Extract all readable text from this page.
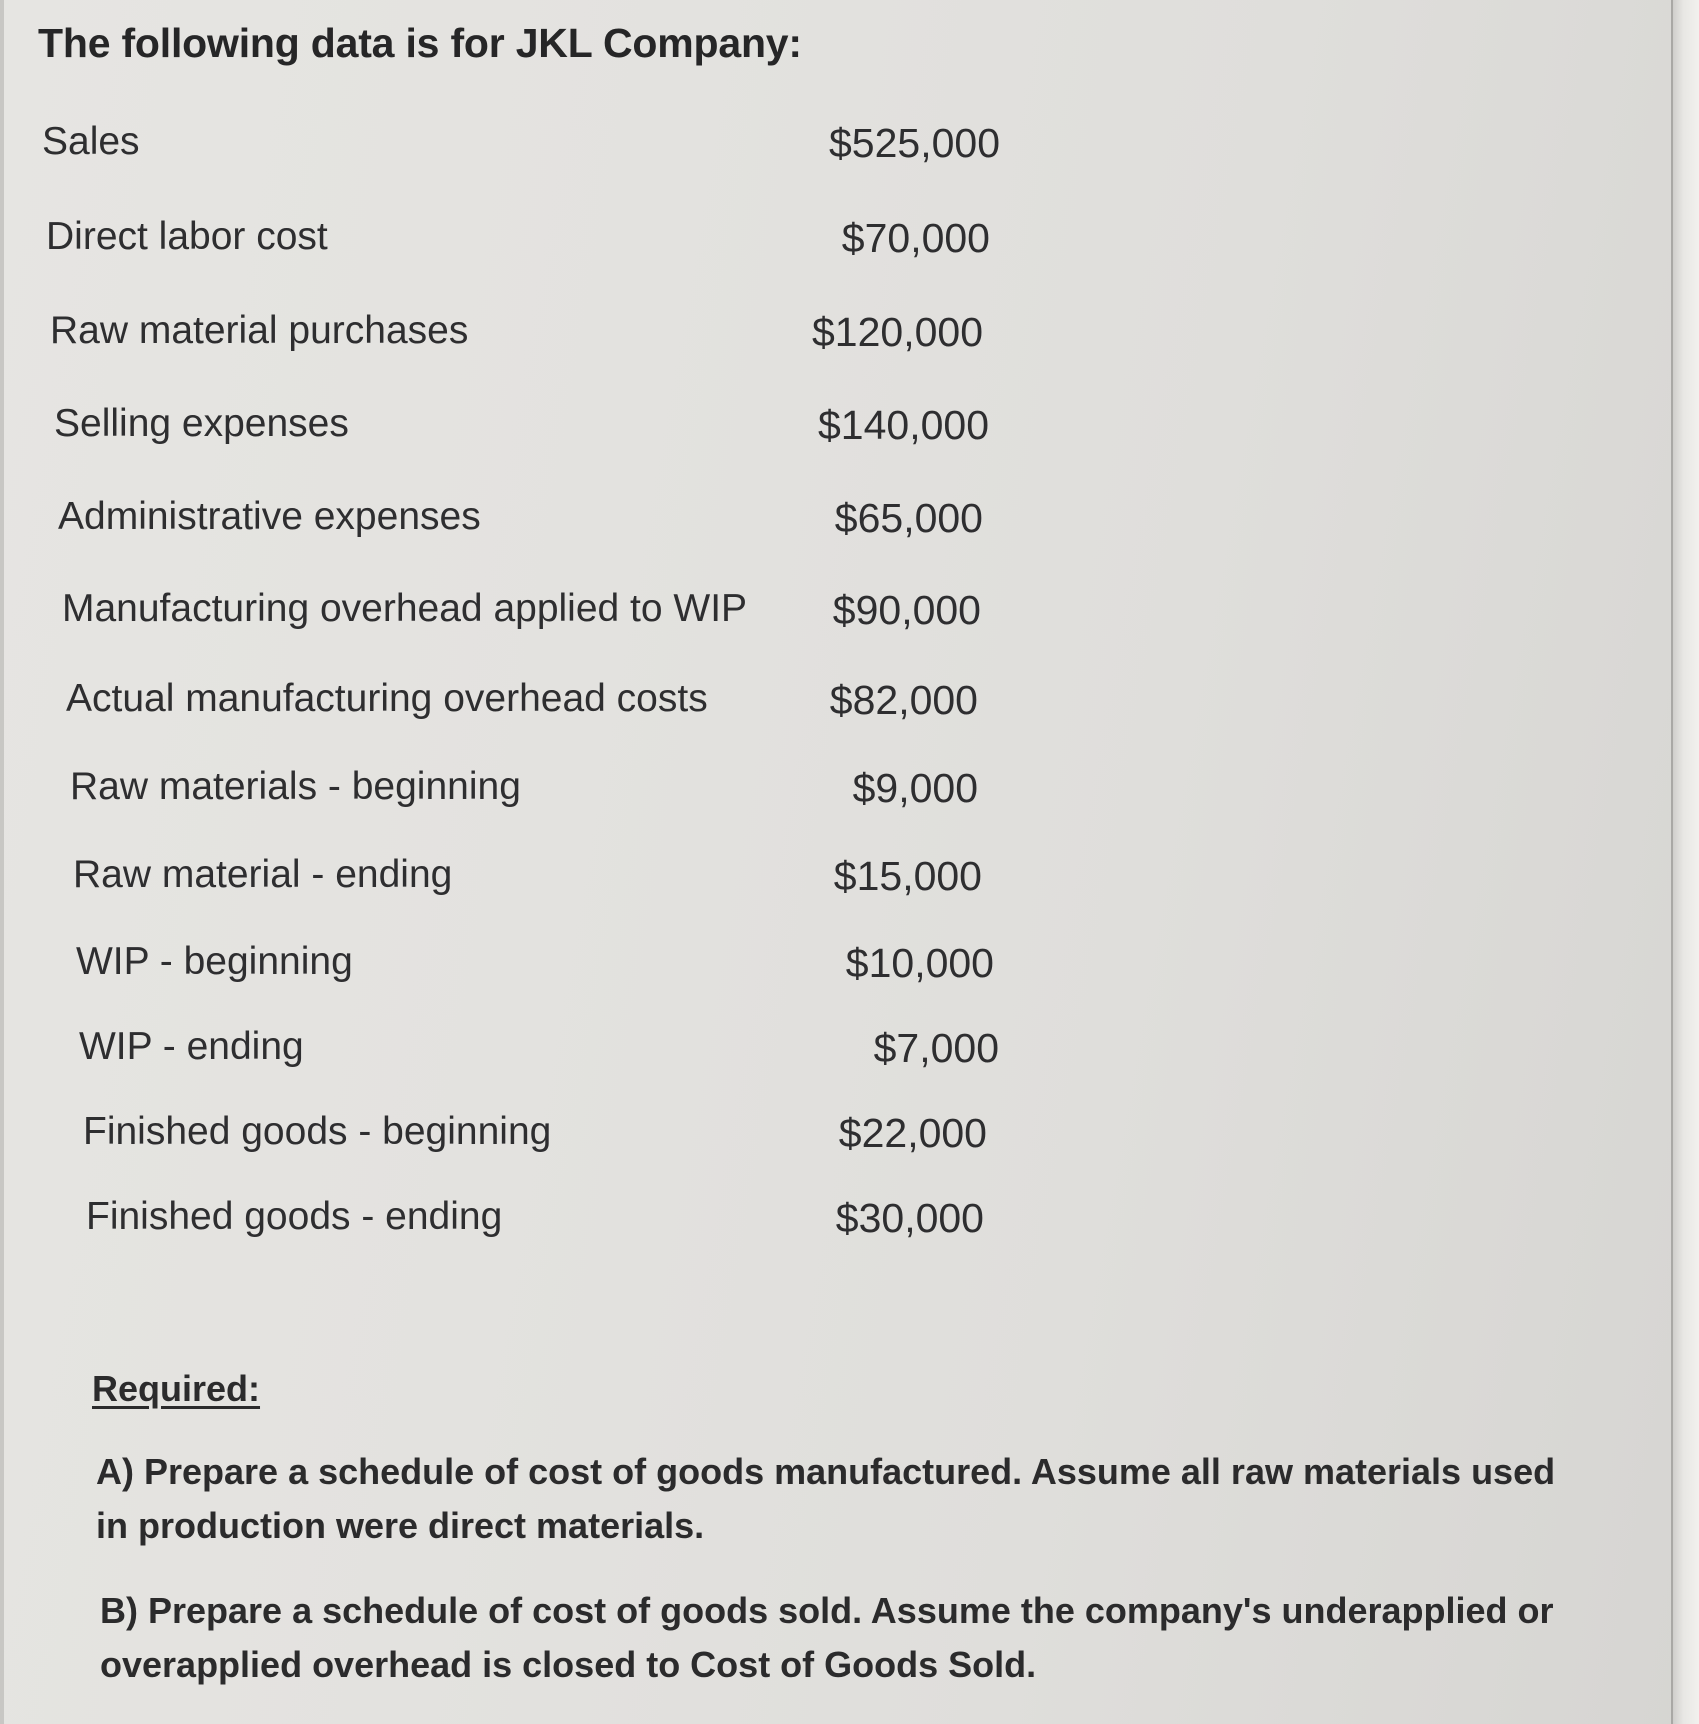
The following data is for JKL Company:
Sales	$525,000
Direct labor cost	$70,000
Raw material purchases	$120,000
Selling expenses	$140,000
Administrative expenses	$65,000
Manufacturing overhead applied to WIP $90,000
Actual manufacturing overhead costs	$82,000
Raw materials - beginning	$9,000
Raw material - ending	$15,000
WIP - beginning	$10,000
WIP - ending	$7,000
Finished goods - beginning	$22,000
Finished goods - ending	$30,000
Required:
A) Prepare a schedule of cost of goods manufactured. Assume all raw materials used in production were direct materials.
B) Prepare a schedule of cost of goods sold. Assume the company's underapplied or overapplied overhead is closed to Cost of Goods Sold.
